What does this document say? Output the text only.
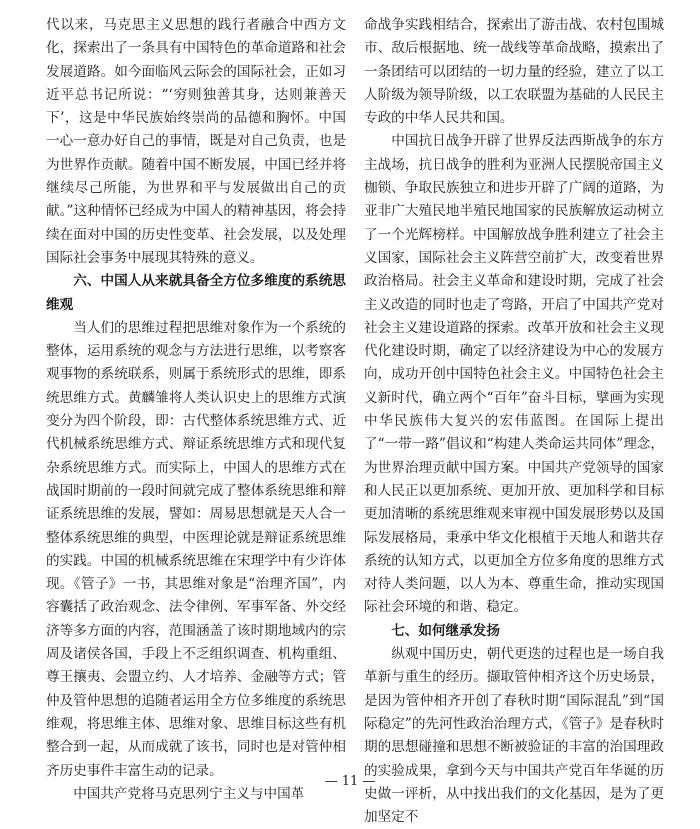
代以来，马克思主义思想的践行者融合中西方文化，探索出了一条具有中国特色的革命道路和社会发展道路。如今面临风云际会的国际社会，正如习近平总书记所说：“‘穷则独善其身，达则兼善天下’，这是中华民族始终崇尚的品德和胸怀。中国一心一意办好自己的事情，既是对自己负责，也是为世界作贡献。随着中国不断发展，中国已经并将继续尽己所能，为世界和平与发展做出自己的贡献。”这种情怀已经成为中国人的精神基因，将会持续在面对中国的历史性变革、社会发展，以及处理国际社会事务中展现其特殊的意义。

六、中国人从来就具备全方位多维度的系统思维观

当人们的思维过程把思维对象作为一个系统的整体，运用系统的观念与方法进行思维，以考察客观事物的系统联系，则属于系统形式的思维，即系统思维方式。黄麟雏将人类认识史上的思维方式演变分为四个阶段，即：古代整体系统思维方式、近代机械系统思维方式、辩证系统思维方式和现代复杂系统思维方式。而实际上，中国人的思维方式在战国时期前的一段时间就完成了整体系统思维和辩证系统思维的发展，譬如：周易思想就是天人合一整体系统思维的典型，中医理论就是辩证系统思维的实践。中国的机械系统思维在宋理学中有少许体现。《管子》一书，其思维对象是“治理齐国”，内容囊括了政治观念、法令律例、军事军备、外交经济等多方面的内容，范围涵盖了该时期地域内的宗周及诸侯各国，手段上不乏组织调查、机构重组、尊王攘夷、会盟立约、人才培养、金融等方式；管仲及管仲思想的追随者运用全方位多维度的系统思维观，将思维主体、思维对象、思维目标这些有机整合到一起，从而成就了该书，同时也是对管仲相齐历史事件丰富生动的记录。

中国共产党将马克思列宁主义与中国革

命战争实践相结合，探索出了游击战、农村包围城市、敌后根据地、统一战线等革命战略，摸索出了一条团结可以团结的一切力量的经验，建立了以工人阶级为领导阶级，以工农联盟为基础的人民民主专政的中华人民共和国。

中国抗日战争开辟了世界反法西斯战争的东方主战场，抗日战争的胜利为亚洲人民摆脱帝国主义枷锁、争取民族独立和进步开辟了广阔的道路，为亚非广大殖民地半殖民地国家的民族解放运动树立了一个光辉榜样。中国解放战争胜利建立了社会主义国家，国际社会主义阵营空前扩大，改变着世界政治格局。社会主义革命和建设时期，完成了社会主义改造的同时也走了弯路，开启了中国共产党对社会主义建设道路的探索。改革开放和社会主义现代化建设时期，确定了以经济建设为中心的发展方向，成功开创中国特色社会主义。中国特色社会主义新时代，确立两个“百年”奋斗目标，擘画为实现中华民族伟大复兴的宏伟蓝图。在国际上提出了“一带一路”倡议和“构建人类命运共同体”理念，为世界治理贡献中国方案。中国共产党领导的国家和人民正以更加系统、更加开放、更加科学和目标更加清晰的系统思维观来审视中国发展形势以及国际发展格局，秉承中华文化根植于天地人和谐共存系统的认知方式，以更加全方位多角度的思维方式对待人类问题，以人为本、尊重生命，推动实现国际社会环境的和谐、稳定。

七、如何继承发扬

纵观中国历史，朝代更迭的过程也是一场自我革新与重生的经历。撷取管仲相齐这个历史场景，是因为管仲相齐开创了春秋时期“国际混乱”到“国际稳定”的先河性政治治理方式，《管子》是春秋时期的思想碰撞和思想不断被验证的丰富的治国理政的实验成果，拿到今天与中国共产党百年华诞的历史做一评析，从中找出我们的文化基因，是为了更加坚定不

— 11 —
